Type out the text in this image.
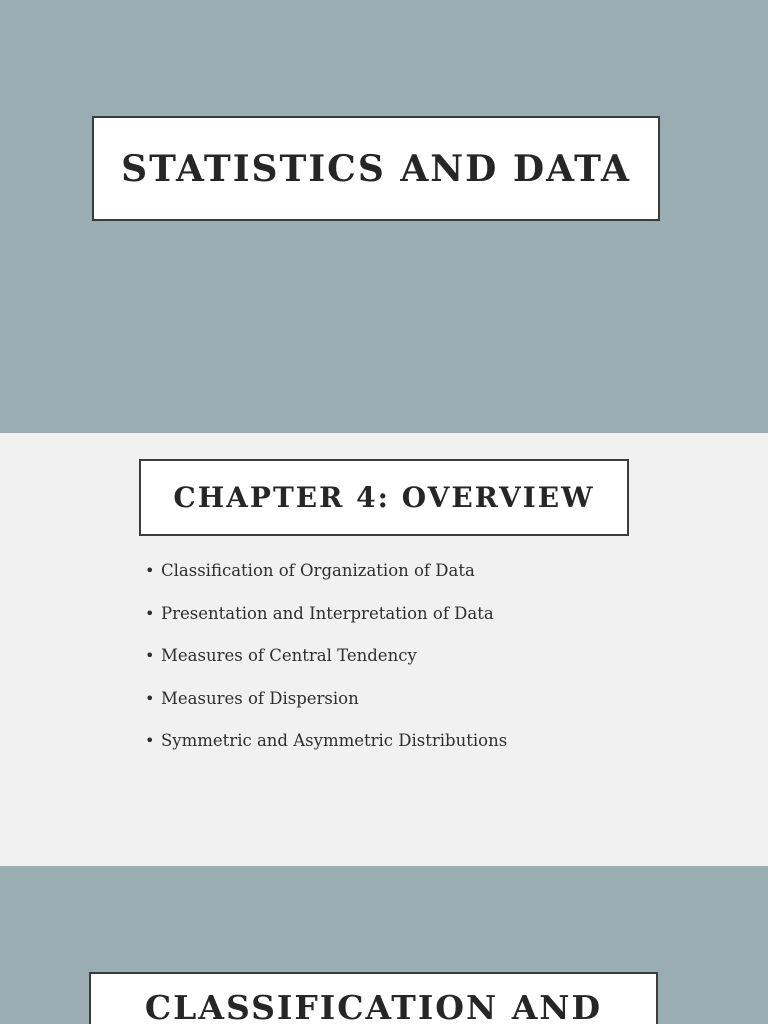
STATISTICS AND DATA
CHAPTER 4: OVERVIEW
• Classification of Organization of Data
• Presentation and Interpretation of Data
• Measures of Central Tendency
• Measures of Dispersion
• Symmetric and Asymmetric Distributions
CLASSIFICATION AND
